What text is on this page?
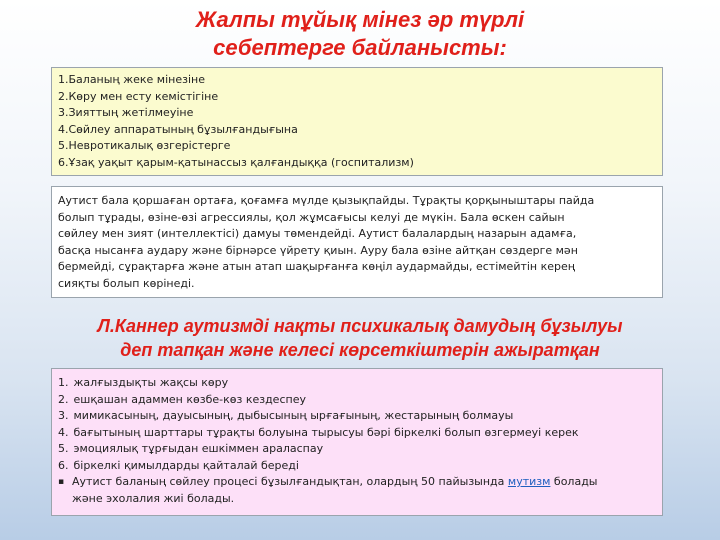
Жалпы тұйық мінез әр түрлі
себептерге байланысты:
1.Баланың жеке мінезіне
2.Көру мен есту кемістігіне
3.Зияттың жетілмеуіне
4.Сөйлеу аппаратының бұзылғандығына
5.Невротикалық өзгерістерге
6.Ұзақ уақыт қарым-қатынассыз қалғандыққа (госпитализм)
Аутист бала қоршаған ортаға, қоғамға мүлде қызықпайды. Тұрақты қорқыныштары пайда
болып тұрады, өзіне-өзі агрессиялы, қол жұмсағысы келуі де мүкін. Бала өскен сайын
сөйлеу мен зият (интеллектісі) дамуы төмендейді. Аутист балалардың назарын адамға,
басқа нысанға аудару және бірнәрсе үйрету қиын. Ауру бала өзіне айтқан сөздерге мән
бермейді, сұрақтарға және атын атап шақырғанға көңіл аудармайды, естімейтін керең
сияқты болып көрінеді.
Л.Каннер аутизмді нақты психикалық дамудың бұзылуы
деп тапқан және келесі көрсеткіштерін ажыратқан
1. жалғыздықты жақсы көру
2. ешқашан адаммен көзбе-көз кездеспеу
3. мимикасының, дауысының, дыбысының ырғағының, жестарының болмауы
4. бағытының шарттары тұрақты болуына тырысуы бәрі біркелкі болып өзгермеуі керек
5. эмоциялық тұрғыдан ешкіммен араласпау
6. біркелкі қимылдарды қайталай береді
▪ Аутист баланың сөйлеу процесі бұзылғандықтан, олардың 50 пайызында мутизм болады
және эхолалия жиі болады.
